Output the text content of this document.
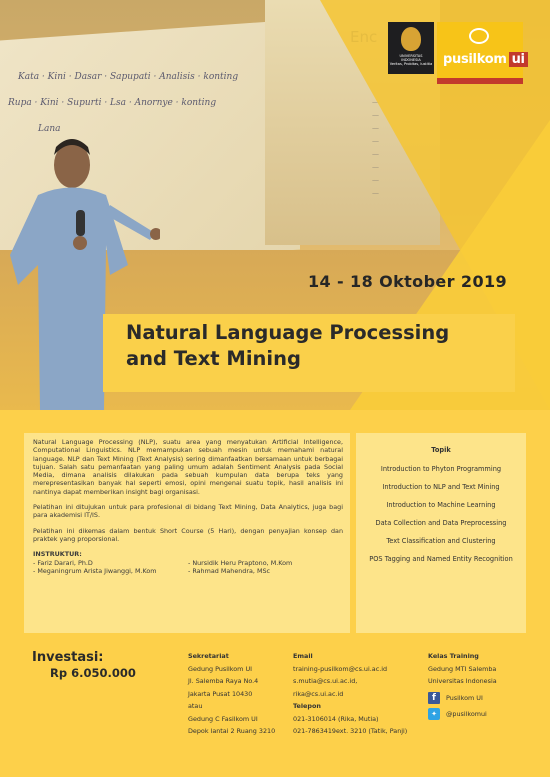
Kata · Kini · Dasar · Sapupati · Analisis · konting
Rupa · Kini · Supurti · Lsa · Anornye · konting
Lana
Enc
—
—
—
—
—
—
—
—
UNIVERSITAS
INDONESIA
Veritas, Probitas, Iustitia pusilkom ui
14 - 18 Oktober 2019
Natural Language Processing
and Text Mining

Natural Language Processing (NLP), suatu area yang menyatukan Artificial Intelligence, Computational Linguistics. NLP memampukan sebuah mesin untuk memahami natural language. NLP dan Text Mining (Text Analysis) sering dimanfaatkan bersamaan untuk berbagai tujuan. Salah satu pemanfaatan yang paling umum adalah Sentiment Analysis pada Social Media, dimana analisis dilakukan pada sebuah kumpulan data berupa teks yang merepresentasikan banyak hal seperti emosi, opini mengenai suatu topik, hasil analisis ini nantinya dapat memberikan insight bagi organisasi.

Pelatihan ini ditujukan untuk para profesional di bidang Text Mining, Data Analytics, juga bagi para akademisi IT/IS.

Pelatihan ini dikemas dalam bentuk Short Course (5 Hari), dengan penyajian konsep dan praktek yang proporsional.

INSTRUKTUR:
- Fariz Darari, Ph.D	- Nursidik Heru Praptono, M.Kom
- Meganingrum Arista Jiwanggi, M.Kom	- Rahmad Mahendra, MSc
Topik
Introduction to Phyton Programming
Introduction to NLP and Text Mining
Introduction to Machine Learning
Data Collection and Data Preprocessing
Text Classification and Clustering
POS Tagging and Named Entity Recognition
Investasi:
Rp 6.050.000
Sekretariat
Gedung Pusilkom UI
Jl. Salemba Raya No.4
Jakarta Pusat 10430
atau
Gedung C Fasilkom UI
Depok lantai 2 Ruang 3210
Email
training-pusilkom@cs.ui.ac.id
s.mutia@cs.ui.ac.id,
rika@cs.ui.ac.id
Telepon
021-3106014 (Rika, Mutia)
021-7863419ext. 3210 (Tatik, Panji)
Kelas Training
Gedung MTI Salemba
Universitas Indonesia
f	Pusilkom UI
✦	@pusilkomui
